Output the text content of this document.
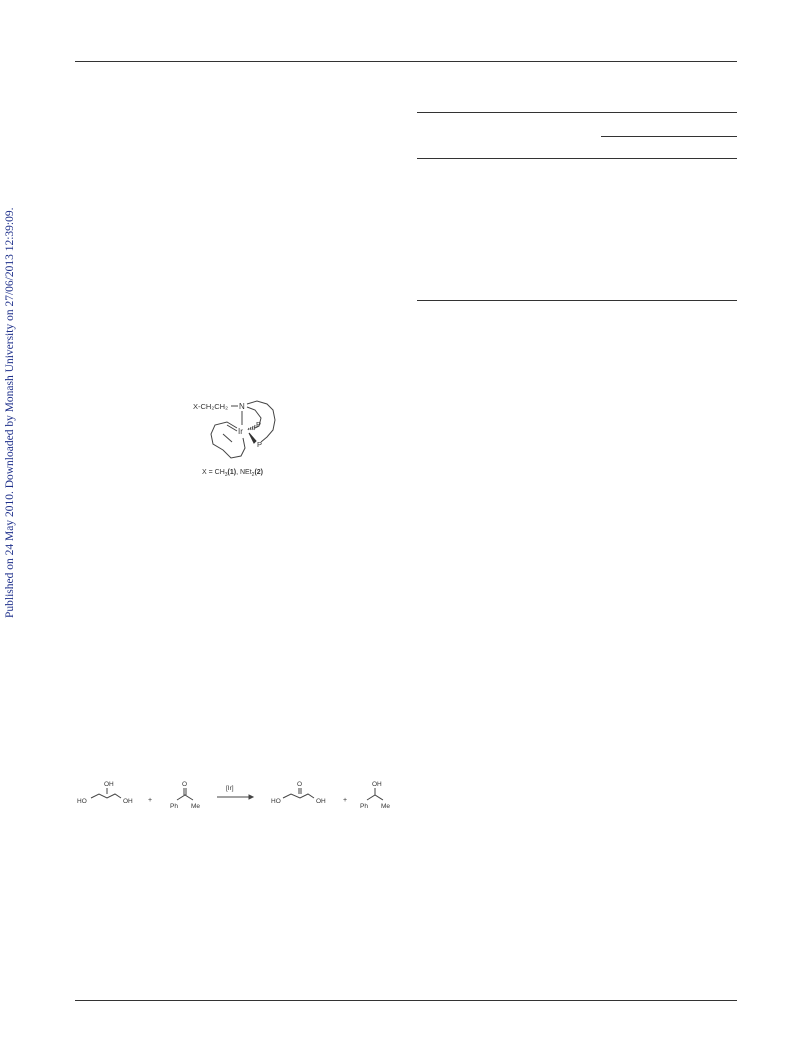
Published on 24 May 2010. Downloaded by Monash University on 27/06/2013 12:39:09.	X-CH₂CH₂ N
Ir
P
P
$X = CH_3(1)$, NEt$_2$(2)
OH
HO	OH +
O
Ph Me
[Ir]
O
HO	OH +
OH
Ph Me
